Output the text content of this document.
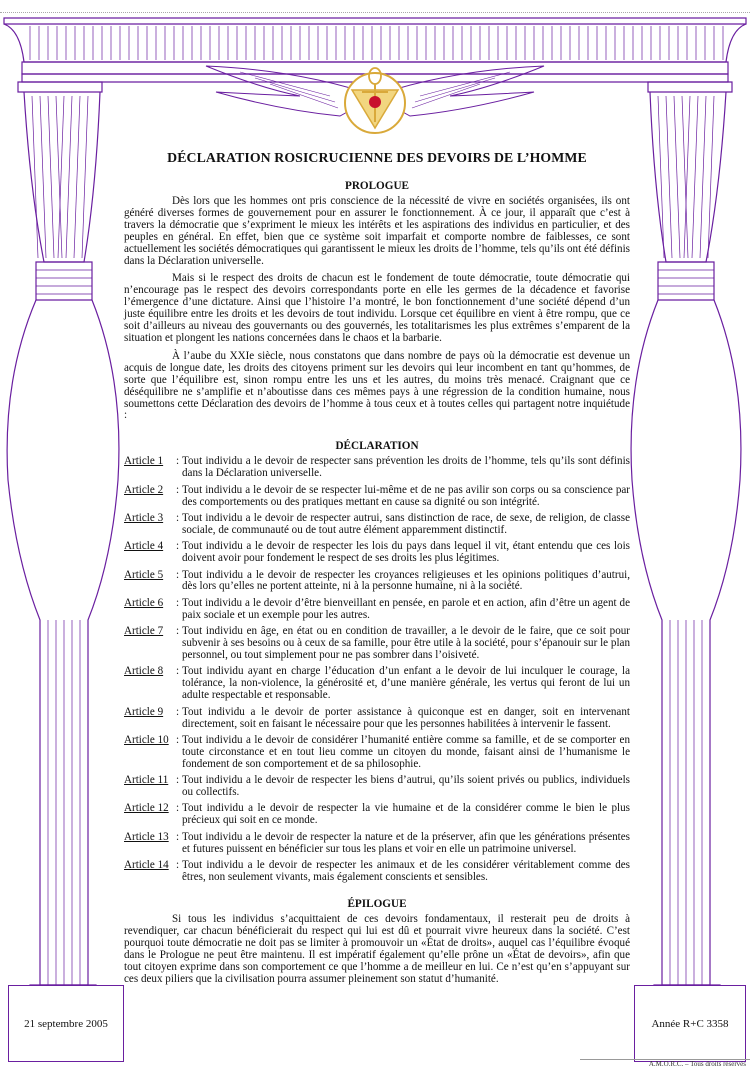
DÉCLARATION ROSICRUCIENNE DES DEVOIRS DE L’HOMME
PROLOGUE

Dès lors que les hommes ont pris conscience de la nécessité de vivre en sociétés organisées, ils ont généré diverses formes de gouvernement pour en assurer le fonctionnement. À ce jour, il apparaît que c’est à travers la démocratie que s’expriment le mieux les intérêts et les aspirations des individus en particulier, et des peuples en général. En effet, bien que ce système soit imparfait et comporte nombre de faiblesses, ce sont actuellement les sociétés démocratiques qui garantissent le mieux les droits de l’homme, tels qu’ils ont été définis dans la Déclaration universelle.

Mais si le respect des droits de chacun est le fondement de toute démocratie, toute démocratie qui n’encourage pas le respect des devoirs correspondants porte en elle les germes de la décadence et favorise l’émergence d’une dictature. Ainsi que l’histoire l’a montré, le bon fonctionnement d’une société dépend d’un juste équilibre entre les droits et les devoirs de tout individu. Lorsque cet équilibre en vient à être rompu, que ce soit d’ailleurs au niveau des gouvernants ou des gouvernés, les totalitarismes les plus extrêmes s’emparent de la situation et plongent les nations concernées dans le chaos et la barbarie.

À l’aube du XXIe siècle, nous constatons que dans nombre de pays où la démocratie est devenue un acquis de longue date, les droits des citoyens priment sur les devoirs qui leur incombent en tant qu’hommes, de sorte que l’équilibre est, sinon rompu entre les uns et les autres, du moins très menacé. Craignant que ce déséquilibre ne s’amplifie et n’aboutisse dans ces mêmes pays à une régression de la condition humaine, nous soumettons cette Déclaration des devoirs de l’homme à tous ceux et à toutes celles qui partagent notre inquiétude :

DÉCLARATION
Article 1	: Tout individu a le devoir de respecter sans prévention les droits de l’homme, tels qu’ils sont définis dans la Déclaration universelle.
Article 2	: Tout individu a le devoir de se respecter lui-même et de ne pas avilir son corps ou sa conscience par des comportements ou des pratiques mettant en cause sa dignité ou son intégrité.
Article 3	: Tout individu a le devoir de respecter autrui, sans distinction de race, de sexe, de religion, de classe sociale, de communauté ou de tout autre élément apparemment distinctif.
Article 4	: Tout individu a le devoir de respecter les lois du pays dans lequel il vit, étant entendu que ces lois doivent avoir pour fondement le respect de ses droits les plus légitimes.
Article 5	: Tout individu a le devoir de respecter les croyances religieuses et les opinions politiques d’autrui, dès lors qu’elles ne portent atteinte, ni à la personne humaine, ni à la société.
Article 6	: Tout individu a le devoir d’être bienveillant en pensée, en parole et en action, afin d’être un agent de paix sociale et un exemple pour les autres.
Article 7	: Tout individu en âge, en état ou en condition de travailler, a le devoir de le faire, que ce soit pour subvenir à ses besoins ou à ceux de sa famille, pour être utile à la société, pour s’épanouir sur le plan personnel, ou tout simplement pour ne pas sombrer dans l’oisiveté.
Article 8	: Tout individu ayant en charge l’éducation d’un enfant a le devoir de lui inculquer le courage, la tolérance, la non-violence, la générosité et, d’une manière générale, les vertus qui feront de lui un adulte respectable et responsable.
Article 9	: Tout individu a le devoir de porter assistance à quiconque est en danger, soit en intervenant directement, soit en faisant le nécessaire pour que les personnes habilitées à intervenir le fassent.
Article 10 : Tout individu a le devoir de considérer l’humanité entière comme sa famille, et de se comporter en toute circonstance et en tout lieu comme un citoyen du monde, faisant ainsi de l’humanisme le fondement de son comportement et de sa philosophie.
Article 11 : Tout individu a le devoir de respecter les biens d’autrui, qu’ils soient privés ou publics, individuels ou collectifs.
Article 12 : Tout individu a le devoir de respecter la vie humaine et de la considérer comme le bien le plus précieux qui soit en ce monde.
Article 13 : Tout individu a le devoir de respecter la nature et de la préserver, afin que les générations présentes et futures puissent en bénéficier sur tous les plans et voir en elle un patrimoine universel.
Article 14 : Tout individu a le devoir de respecter les animaux et de les considérer véritablement comme des êtres, non seulement vivants, mais également conscients et sensibles.
ÉPILOGUE

Si tous les individus s’acquittaient de ces devoirs fondamentaux, il resterait peu de droits à revendiquer, car chacun bénéficierait du respect qui lui est dû et pourrait vivre heureux dans la société. C’est pourquoi toute démocratie ne doit pas se limiter à promouvoir un «État de droits», auquel cas l’équilibre évoqué dans le Prologue ne peut être maintenu. Il est impératif également qu’elle prône un «État de devoirs», afin que tout citoyen exprime dans son comportement ce que l’homme a de meilleur en lui. Ce n’est qu’en s’appuyant sur ces deux piliers que la civilisation pourra assumer pleinement son statut d’humanité.

21 septembre 2005	Année R+C 3358
A.M.O.R.C. – Tous droits réservés
